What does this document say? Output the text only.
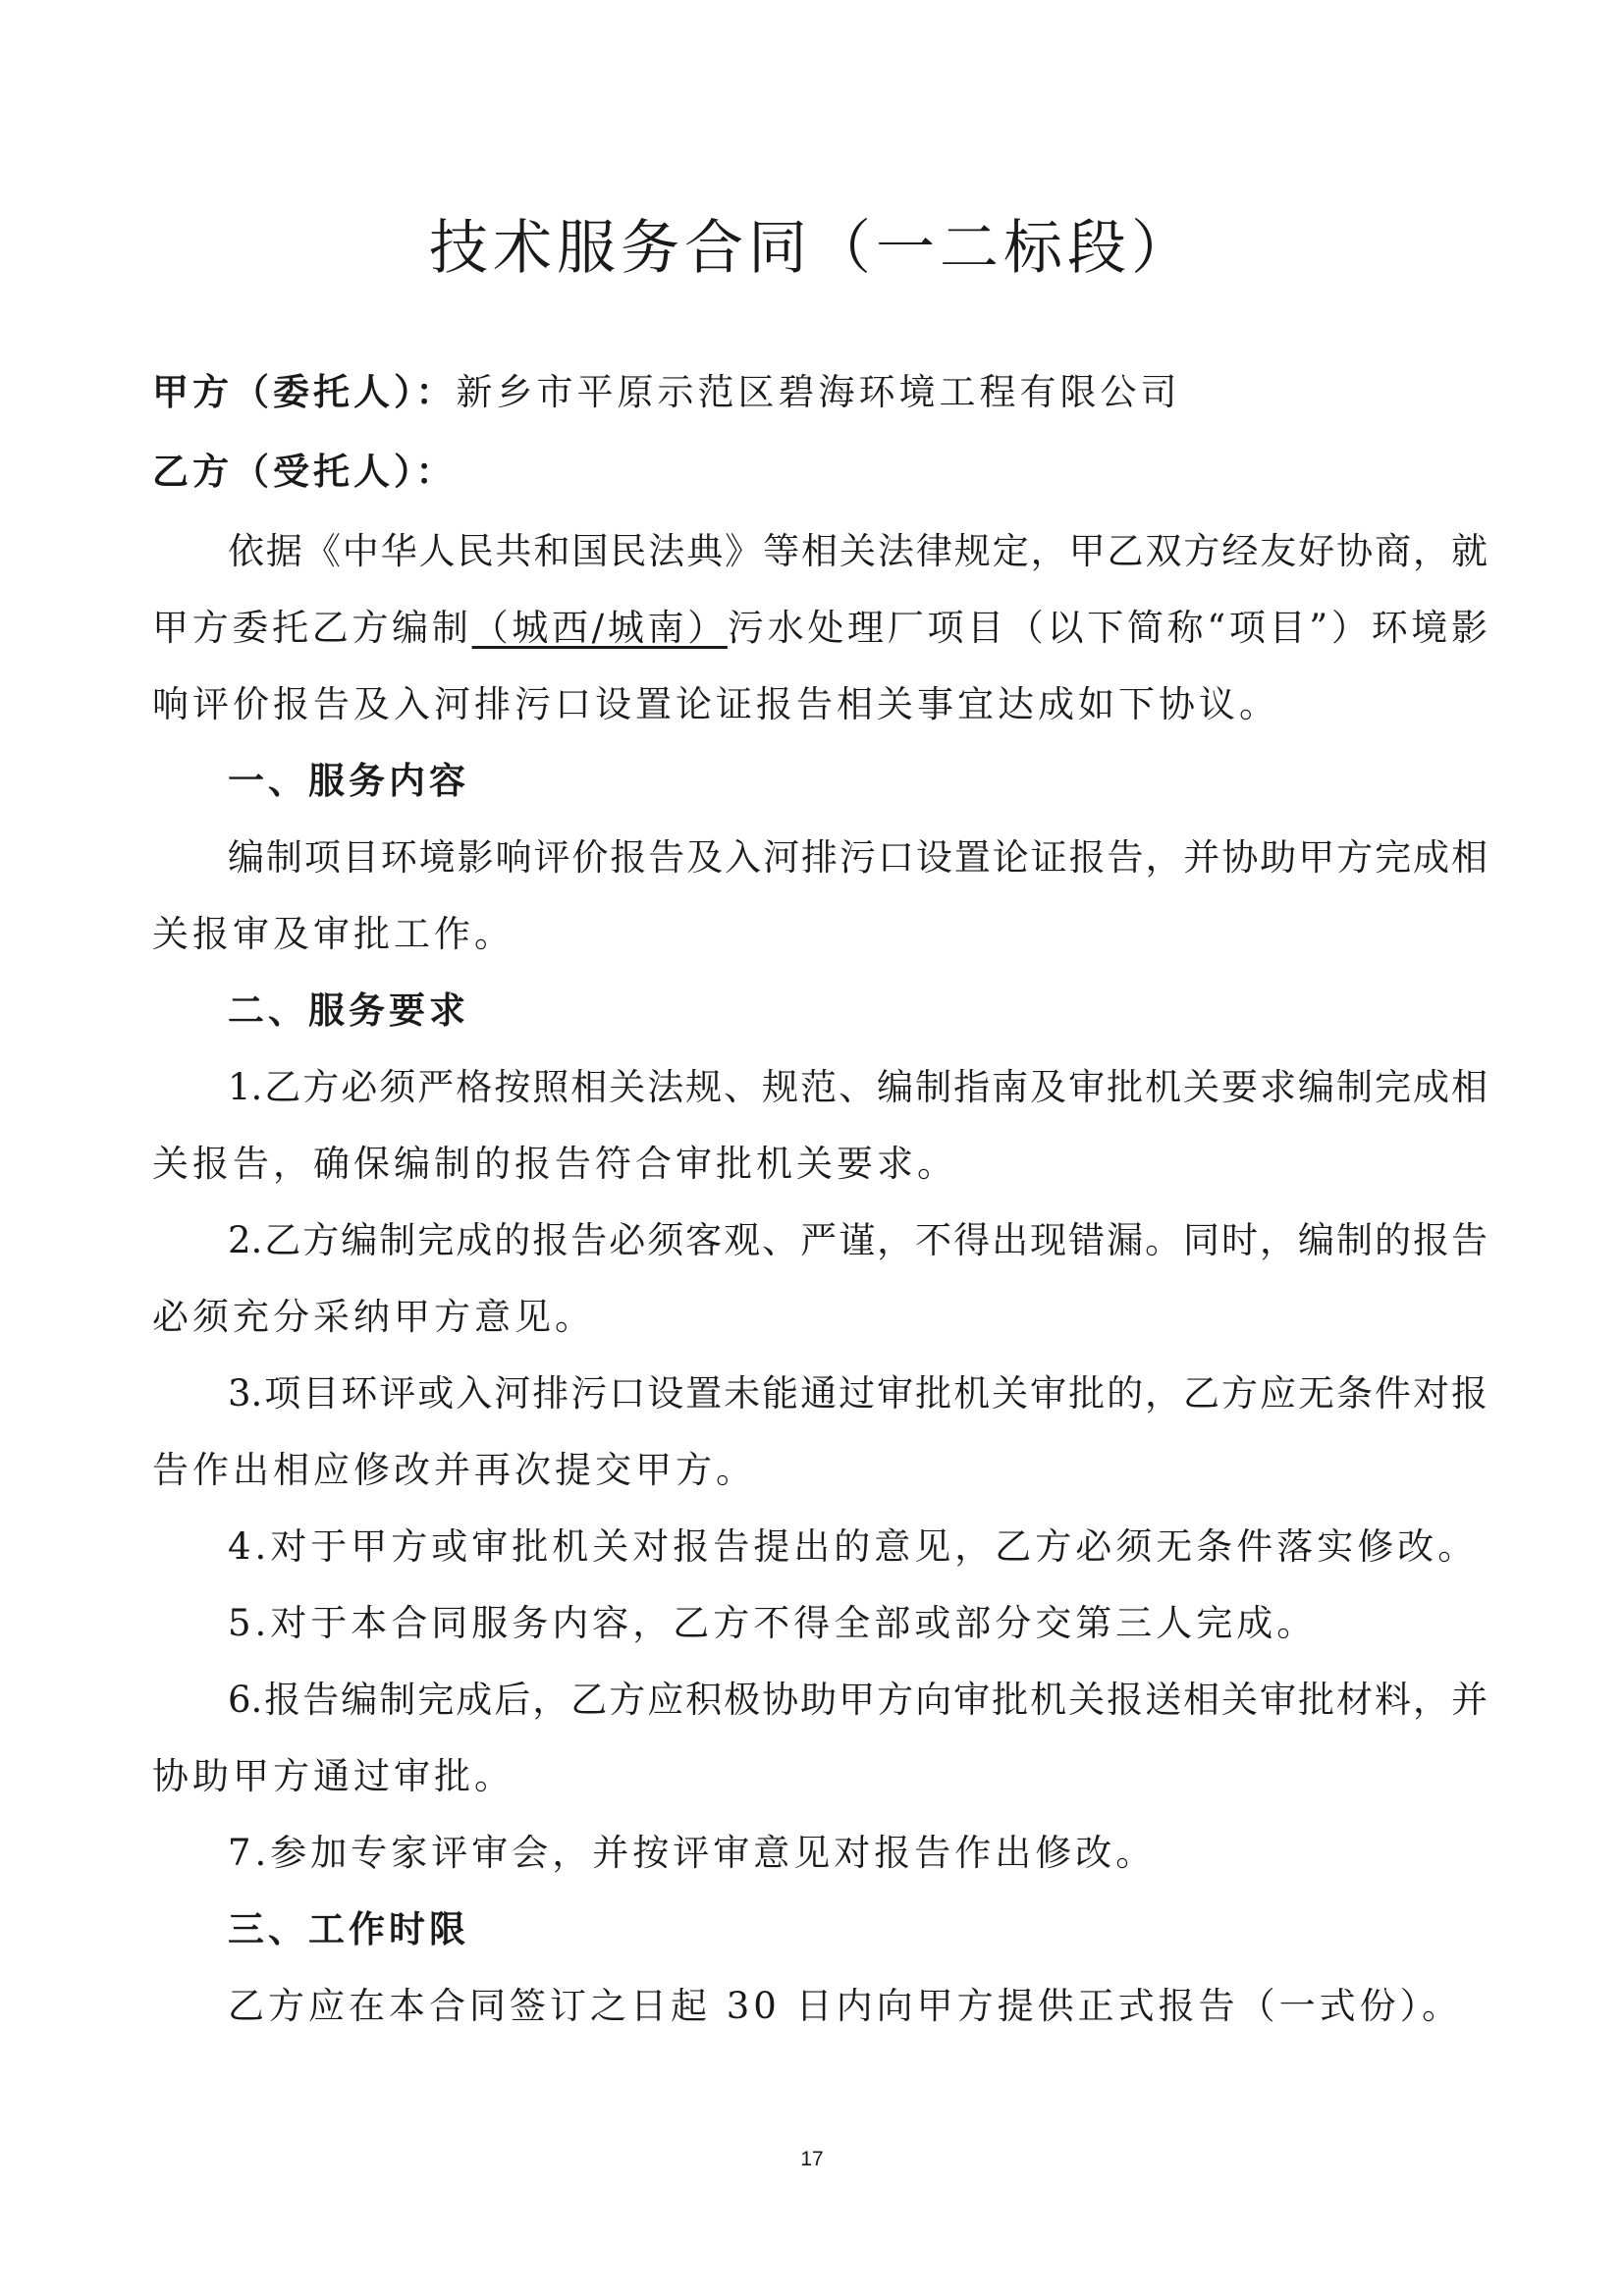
技术服务合同（一二标段）
甲方（委托人）：新乡市平原示范区碧海环境工程有限公司
乙方（受托人）：
依据《中华人民共和国民法典》等相关法律规定，甲乙双方经友好协商，就
甲方委托乙方编制（城西/城南）污水处理厂项目（以下简称“项目”）环境影
响评价报告及入河排污口设置论证报告相关事宜达成如下协议。
一、服务内容
编制项目环境影响评价报告及入河排污口设置论证报告，并协助甲方完成相
关报审及审批工作。
二、服务要求
1.乙方必须严格按照相关法规、规范、编制指南及审批机关要求编制完成相
关报告，确保编制的报告符合审批机关要求。
2.乙方编制完成的报告必须客观、严谨，不得出现错漏。同时，编制的报告
必须充分采纳甲方意见。
3.项目环评或入河排污口设置未能通过审批机关审批的，乙方应无条件对报
告作出相应修改并再次提交甲方。
4.对于甲方或审批机关对报告提出的意见，乙方必须无条件落实修改。
5.对于本合同服务内容，乙方不得全部或部分交第三人完成。
6.报告编制完成后，乙方应积极协助甲方向审批机关报送相关审批材料，并
协助甲方通过审批。
7.参加专家评审会，并按评审意见对报告作出修改。
三、工作时限
乙方应在本合同签订之日起 30 日内向甲方提供正式报告（一式份）。
17
